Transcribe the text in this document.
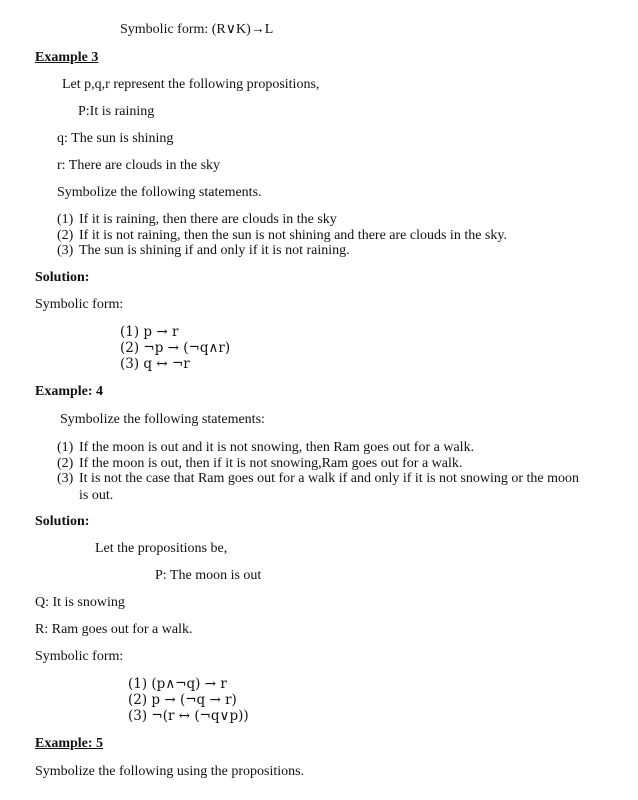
Symbolic form: (R∨K)→L
Example 3
Let p,q,r represent the following propositions,
P:It is raining
q: The sun is shining
r: There are clouds in the sky
Symbolize the following statements.
(1) If it is raining, then there are clouds in the sky
(2) If it is not raining, then the sun is not shining and there are clouds in the sky.
(3) The sun is shining if and only if it is not raining.
Solution:
Symbolic form:
(1) p → r
(2) ¬p → (¬q∧r)
(3) q ↔ ¬r
Example: 4
Symbolize the following statements:
(1) If the moon is out and it is not snowing, then Ram goes out for a walk.
(2) If the moon is out, then if it is not snowing,Ram goes out for a walk.
(3) It is not the case that Ram goes out for a walk if and only if it is not snowing or the moon is out.
Solution:
Let the propositions be,
P: The moon is out
Q: It is snowing
R: Ram goes out for a walk.
Symbolic form:
(1) (p∧¬q) → r
(2) p → (¬q → r)
(3) ¬(r ↔ (¬q∨p))
Example: 5
Symbolize the following using the propositions.
